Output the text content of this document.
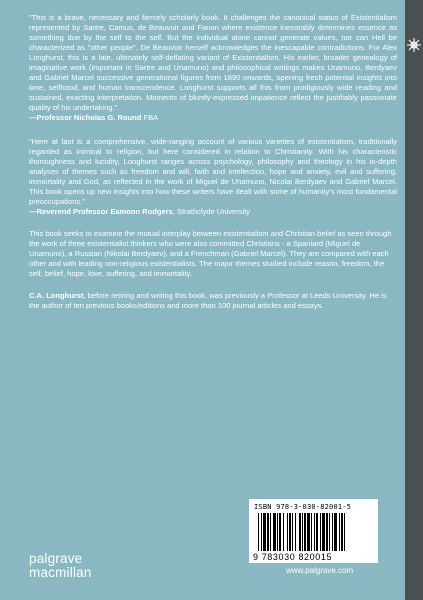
"This is a brave, necessary and fiercely scholarly book. It challenges the canonical status of Existentialism represented by Sartre, Camus, de Beauvoir and Fanon where existence inexorably determines essence as something due by the self to the self. But the individual alone cannot generate values, nor can Hell be characterized as "other people". De Beauvoir herself acknowledges the inescapable contradictions. For Alex Longhurst, this is a late, ultimately self-deflating variant of Existentialism. His earlier, broader genealogy of imaginative work (important in Sartre and Unamuno) and philosophical writings makes Unamuno, Berdyaev and Gabriel Marcel successive generational figures from 1890 onwards, opening fresh potential insights into time, selfhood, and human transcendence. Longhurst supports all this from prodigiously wide reading and sustained, exacting interpretation. Moments of bluntly-expressed impatience reflect the justifiably passionate quality of his undertaking."

—Professor Nicholas G. Round FBA

"Here at last is a comprehensive, wide-ranging account of various varieties of existentialism, traditionally regarded as inimical to religion, but here considered in relation to Christianity. With his characteristic thoroughness and lucidity, Longhurst ranges across psychology, philosophy and theology in his in-depth analyses of themes such as freedom and will, faith and intellection, hope and anxiety, evil and suffering, immortality and God, as reflected in the work of Miguel de Unamuno, Nicolai Berdyaev and Gabriel Marcel. This book opens up new insights into how these writers have dealt with some of humanity's most fundamental preoccupations."

—Reverend Professor Eamonn Rodgers, Strathclyde University

This book seeks to examine the mutual interplay between existentialism and Christian belief as seen through the work of three existentialist thinkers who were also committed Christians - a Spaniard (Miguel de Unamuno), a Russian (Nikolai Berdyaev), and a Frenchman (Gabriel Marcel). They are compared with each other and with leading non-religious existentialists. The major themes studied include reason, freedom, the self, belief, hope, love, suffering, and immortality.

C.A. Longhurst, before retiring and writing this book, was previously a Professor at Leeds University. He is the author of ten previous books/editions and more than 100 journal articles and essays.

ISBN 978-3-030-82001-5
9 783030 820015
www.palgrave.com
palgrave
macmillan
